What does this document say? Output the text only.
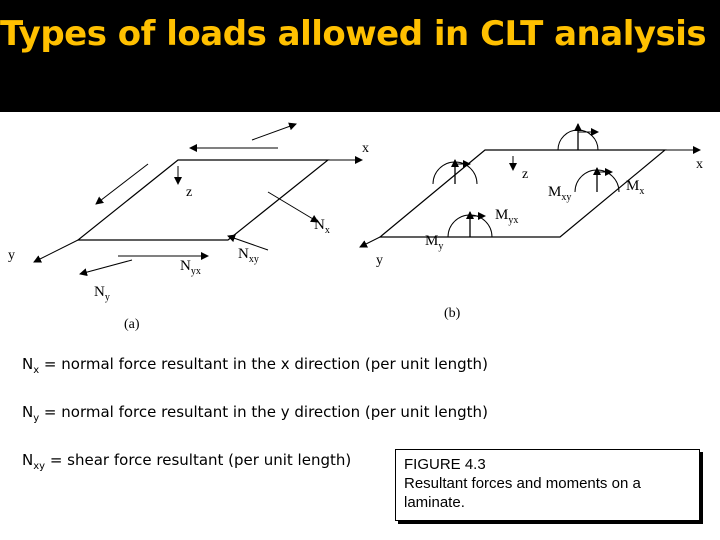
Types of loads allowed in CLT analysis
x
y
z
$N_x$
$N_{xy}$
$N_{yx}$
$N_y$
(a)
x
y
z
$M_x$
$M_{xy}$
$M_{yx}$
$M_y$
(b)
$N_x$ = normal force resultant in the x direction (per unit length)
$N_y$ = normal force resultant in the y direction (per unit length)
$N_{xy}$ = shear force resultant (per unit length)	FIGURE 4.3
Resultant forces and moments on a
laminate.
